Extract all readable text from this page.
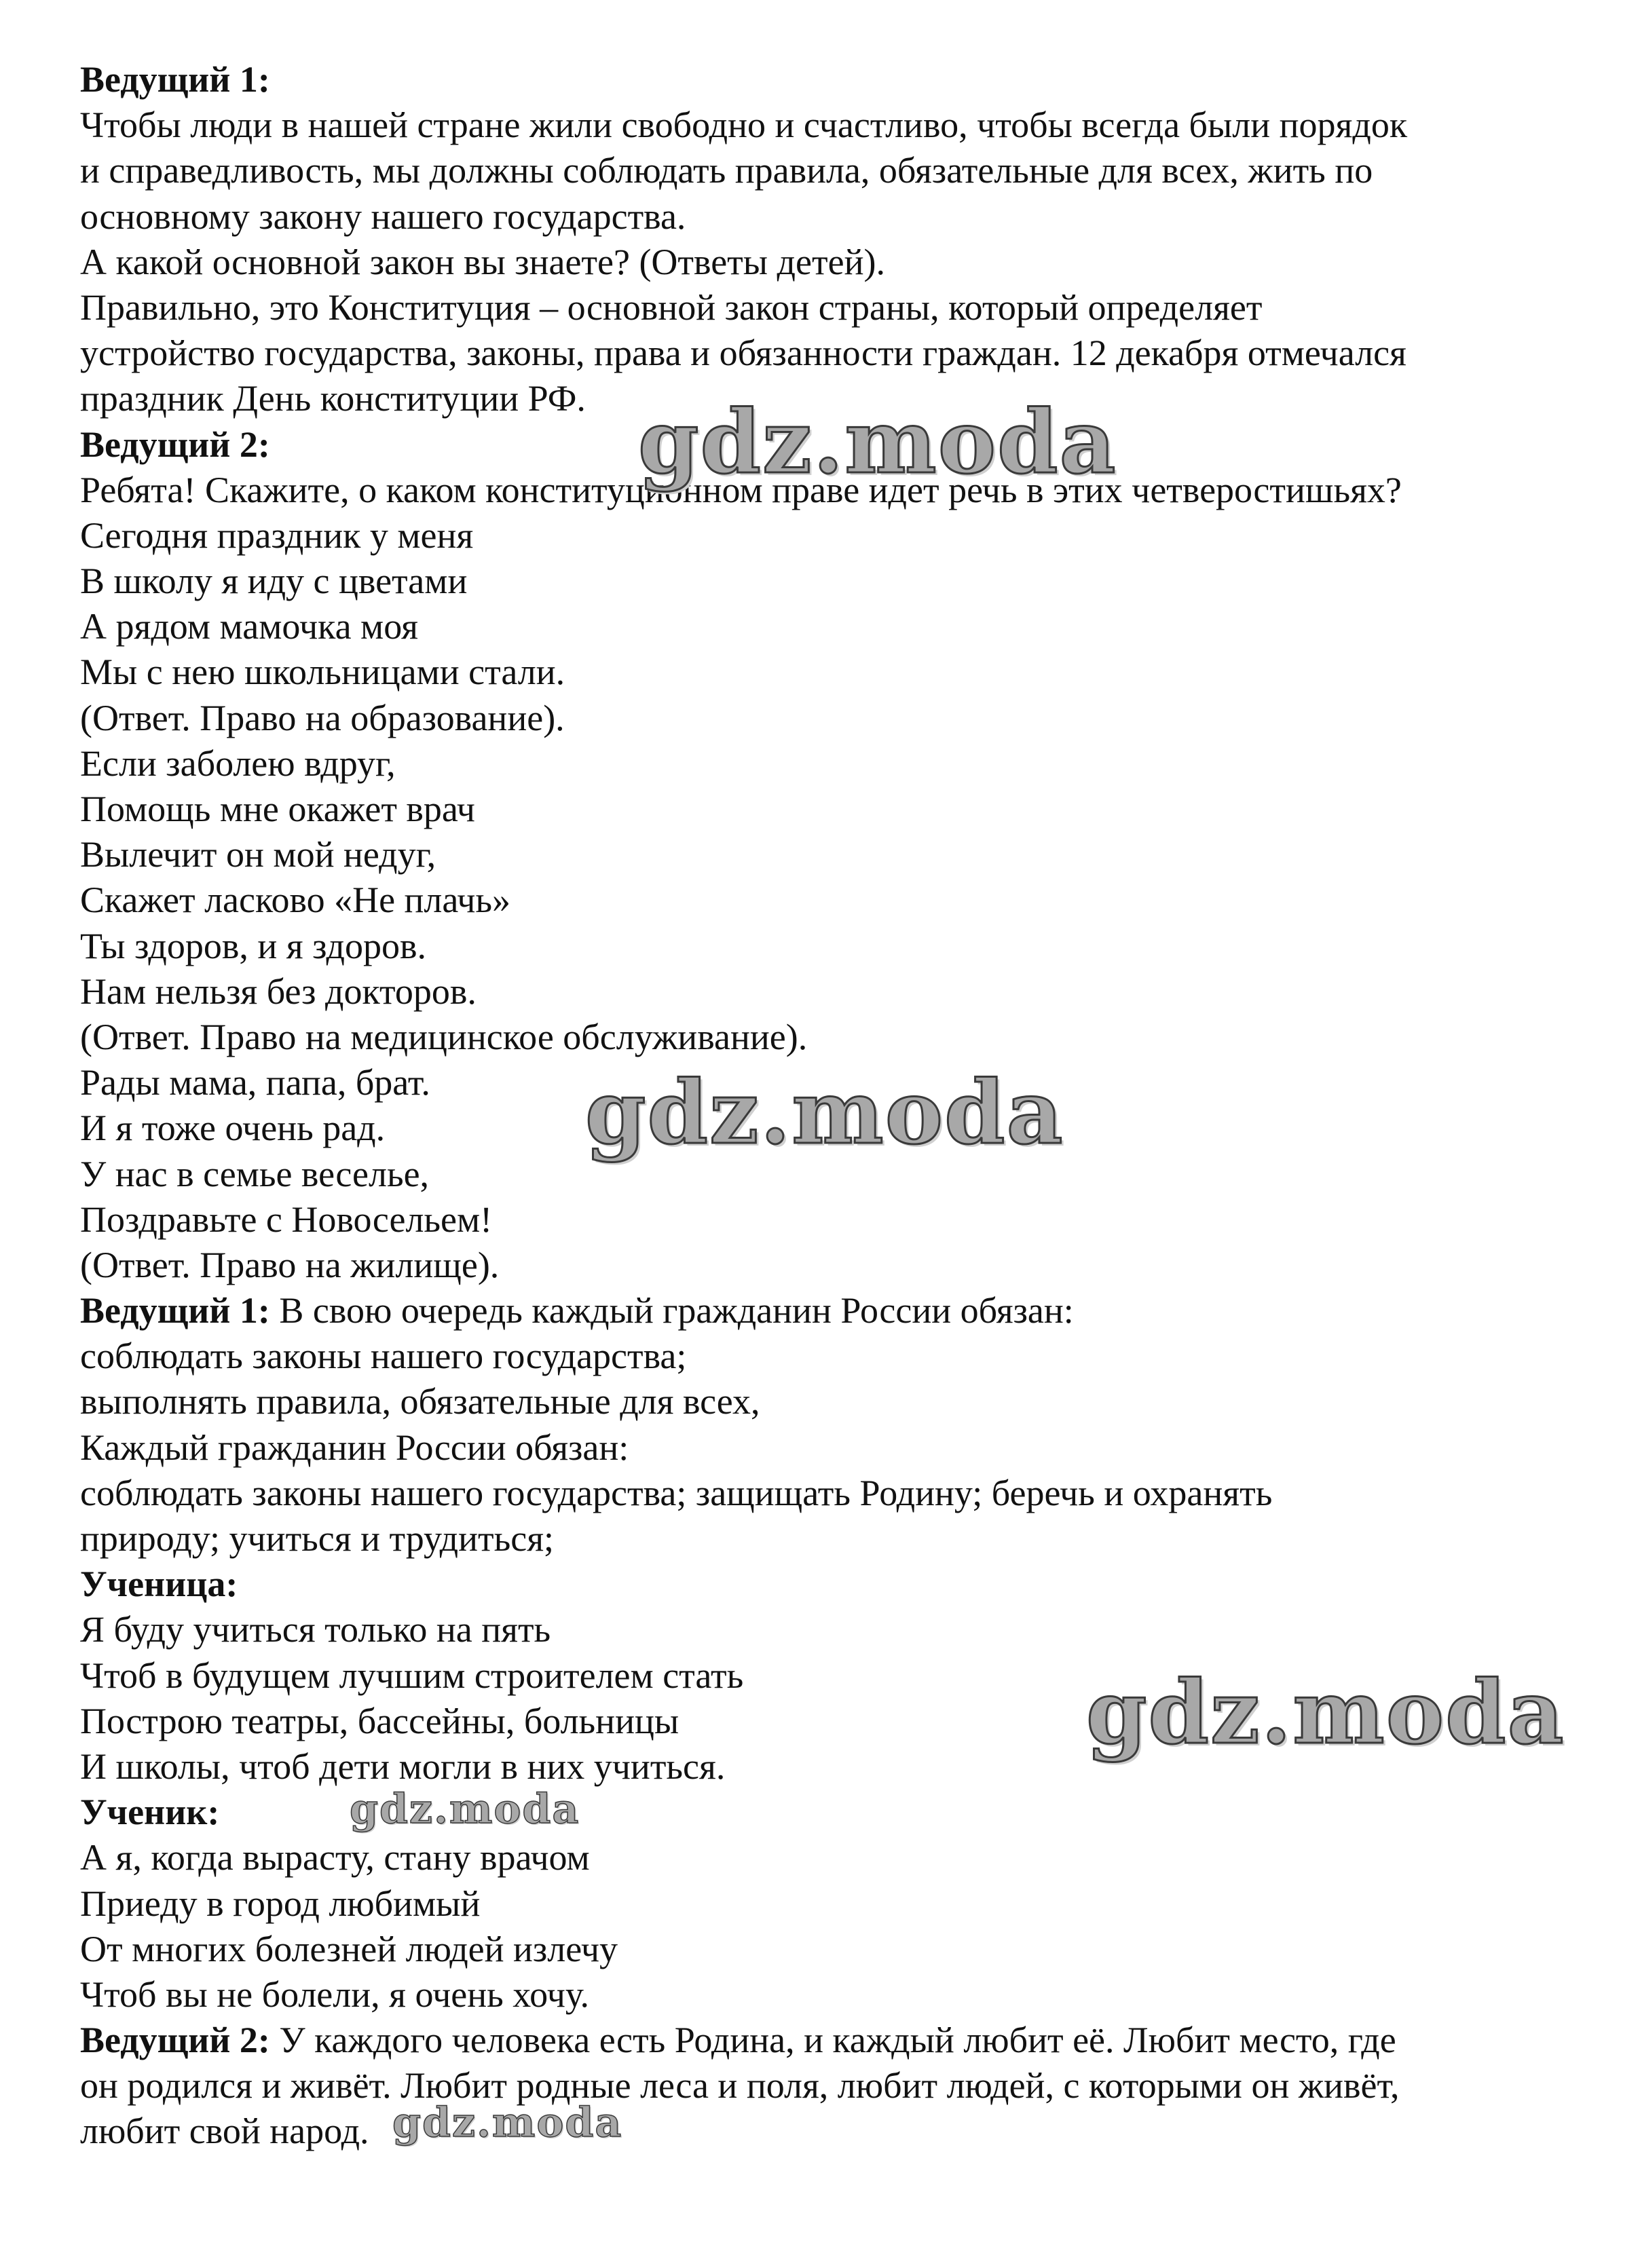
Ведущий 1:
Чтобы люди в нашей стране жили свободно и счастливо, чтобы всегда были порядок
и справедливость, мы должны соблюдать правила, обязательные для всех, жить по
основному закону нашего государства.
А какой основной закон вы знаете? (Ответы детей).
Правильно, это Конституция – основной закон страны, который определяет
устройство государства, законы, права и обязанности граждан. 12 декабря отмечался
праздник День конституции РФ.
Ведущий 2:
Ребята! Скажите, о каком конституционном праве идет речь в этих четверостишьях?
Сегодня праздник у меня
В школу я иду с цветами
А рядом мамочка моя
Мы с нею школьницами стали.
(Ответ. Право на образование).
Если заболею вдруг,
Помощь мне окажет врач
Вылечит он мой недуг,
Скажет ласково «Не плачь»
Ты здоров, и я здоров.
Нам нельзя без докторов.
(Ответ. Право на медицинское обслуживание).
Рады мама, папа, брат.
И я тоже очень рад.
У нас в семье веселье,
Поздравьте с Новосельем!
(Ответ. Право на жилище).
Ведущий 1: В свою очередь каждый гражданин России обязан:
соблюдать законы нашего государства;
выполнять правила, обязательные для всех,
Каждый гражданин России обязан:
соблюдать законы нашего государства; защищать Родину; беречь и охранять
природу; учиться и трудиться;
Ученица:
Я буду учиться только на пять
Чтоб в будущем лучшим строителем стать
Построю театры, бассейны, больницы
И школы, чтоб дети могли в них учиться.
Ученик:
А я, когда вырасту, стану врачом
Приеду в город любимый
От многих болезней людей излечу
Чтоб вы не болели, я очень хочу.
Ведущий 2: У каждого человека есть Родина, и каждый любит её. Любит место, где
он родился и живёт. Любит родные леса и поля, любит людей, с которыми он живёт,
любит свой народ.
gdz.moda
gdz.moda
gdz.moda
gdz.moda
gdz.moda
